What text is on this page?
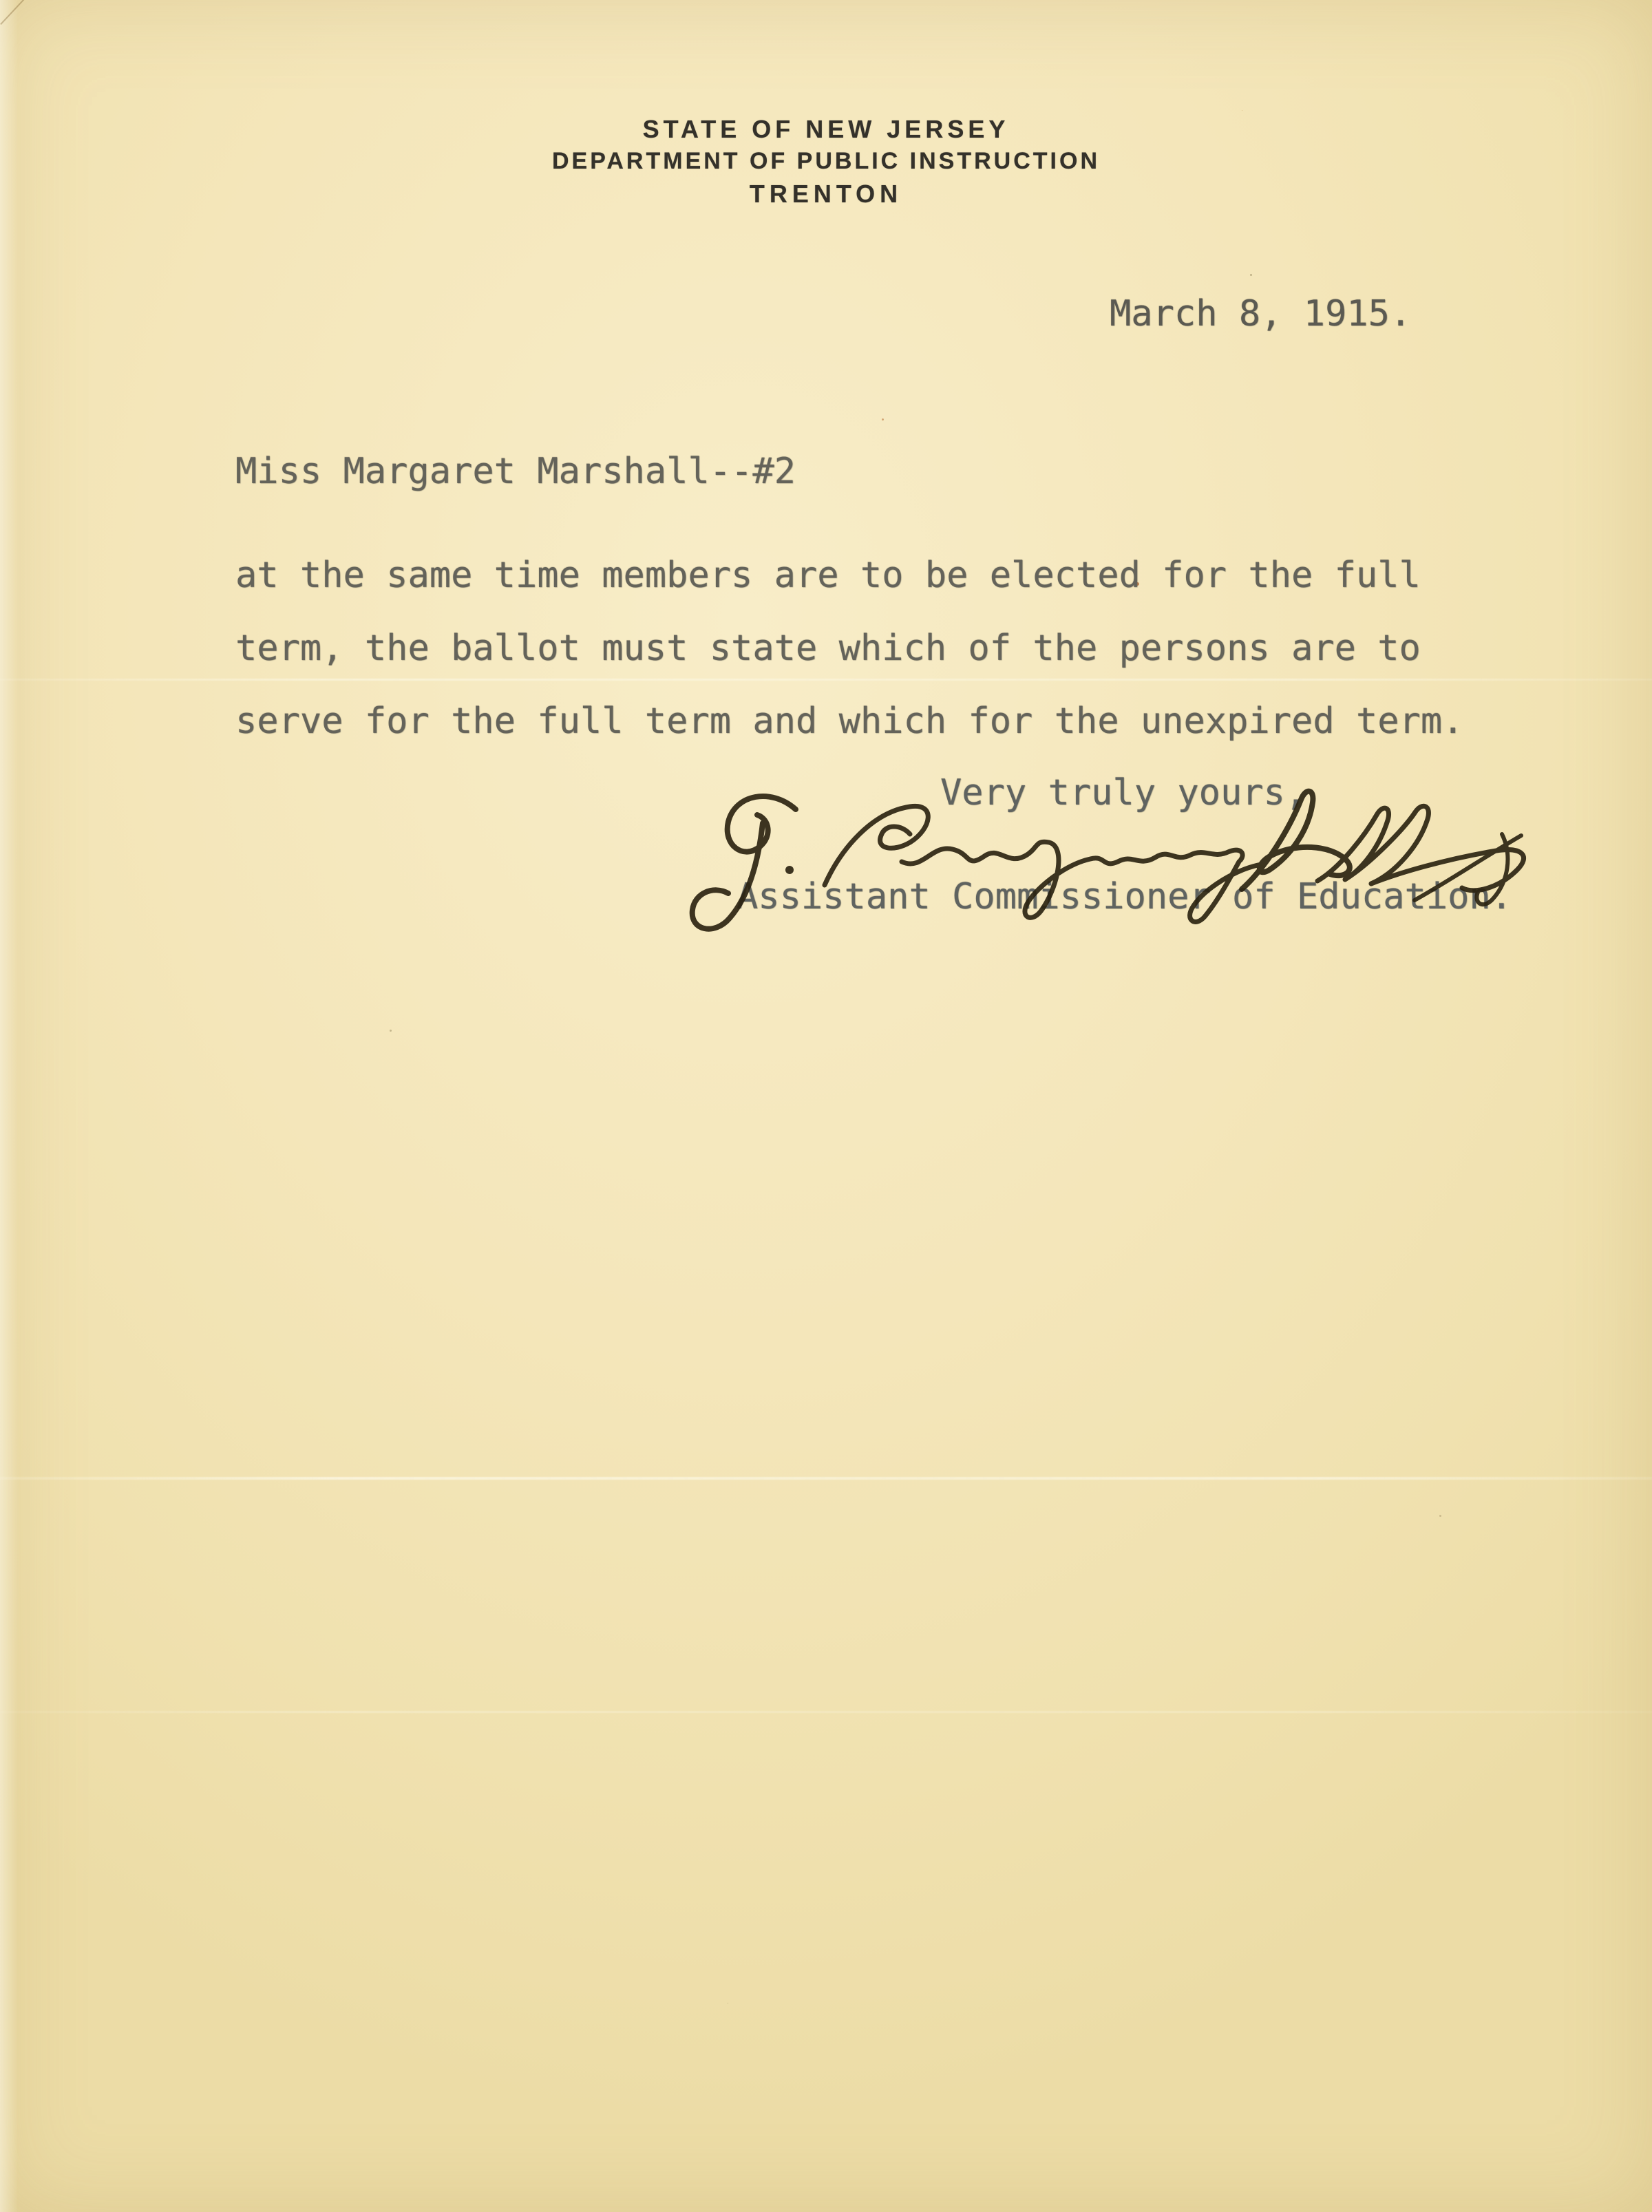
STATE OF NEW JERSEY
DEPARTMENT OF PUBLIC INSTRUCTION
TRENTON
March 8, 1915.
Miss Margaret Marshall--#2
at the same time members are to be elected for the full
term, the ballot must state which of the persons are to
serve for the full term and which for the unexpired term.
Very truly yours,
Assistant Commissioner of Education.
